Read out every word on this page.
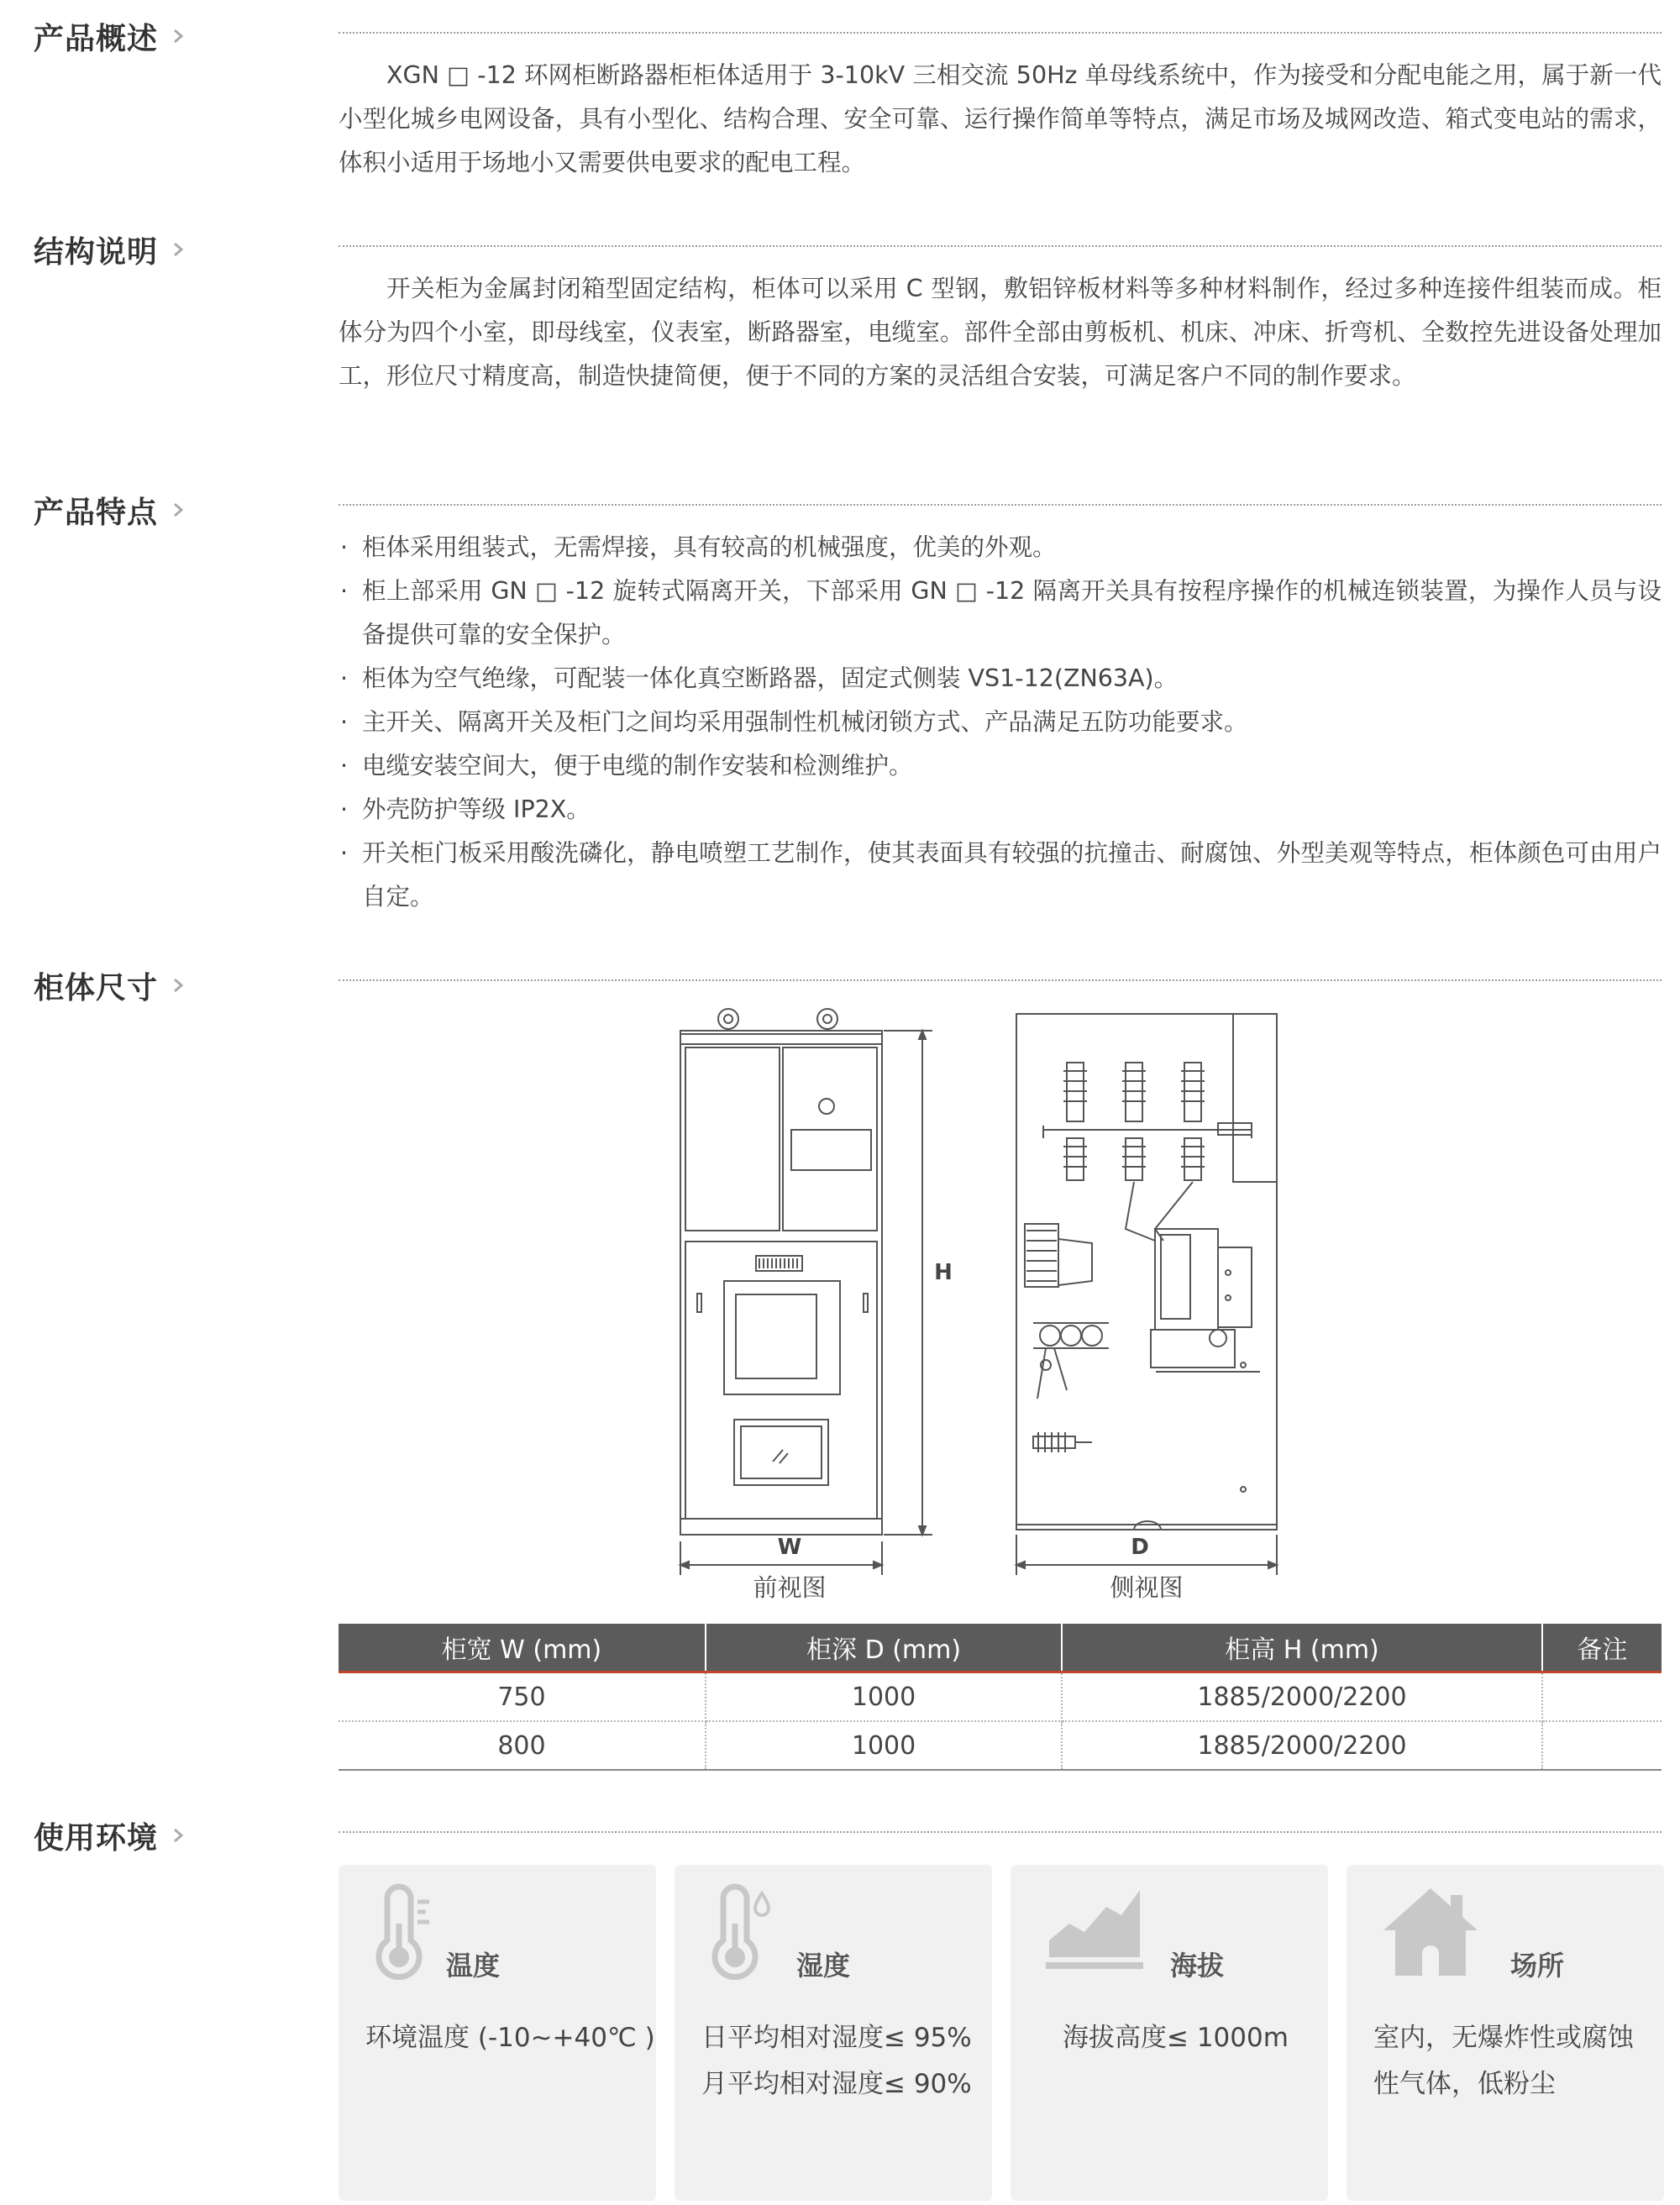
产品概述

XGN □ -12 环网柜断路器柜柜体适用于 3-10kV 三相交流 50Hz 单母线系统中，作为接受和分配电能之用，属于新一代小型化城乡电网设备，具有小型化、结构合理、安全可靠、运行操作简单等特点，满足市场及城网改造、箱式变电站的需求，体积小适用于场地小又需要供电要求的配电工程。

结构说明

开关柜为金属封闭箱型固定结构，柜体可以采用 C 型钢，敷铝锌板材料等多种材料制作，经过多种连接件组装而成。柜体分为四个小室，即母线室，仪表室，断路器室，电缆室。部件全部由剪板机、机床、冲床、折弯机、全数控先进设备处理加工，形位尺寸精度高，制造快捷简便，便于不同的方案的灵活组合安装，可满足客户不同的制作要求。

产品特点
· 柜体采用组装式，无需焊接，具有较高的机械强度，优美的外观。
· 柜上部采用 GN □ -12 旋转式隔离开关，下部采用 GN □ -12 隔离开关具有按程序操作的机械连锁装置，为操作人员与设备提供可靠的安全保护。
· 柜体为空气绝缘，可配装一体化真空断路器，固定式侧装 VS1-12(ZN63A)。
· 主开关、隔离开关及柜门之间均采用强制性机械闭锁方式、产品满足五防功能要求。
· 电缆安装空间大，便于电缆的制作安装和检测维护。
· 外壳防护等级 IP2X。
· 开关柜门板采用酸洗磷化，静电喷塑工艺制作，使其表面具有较强的抗撞击、耐腐蚀、外型美观等特点，柜体颜色可由用户自定。
柜体尺寸
W
H
前视图
D
侧视图
柜宽 W (mm)	柜深 D (mm)	柜高 H (mm)	备注
750	1000	1885/2000/2200	
800	1000	1885/2000/2200	
使用环境
温度
环境温度 (-10~+40℃ )
湿度
日平均相对湿度≤ 95%
月平均相对湿度≤ 90%
海拔
海拔高度≤ 1000m
场所
室内，无爆炸性或腐蚀
性气体，低粉尘
